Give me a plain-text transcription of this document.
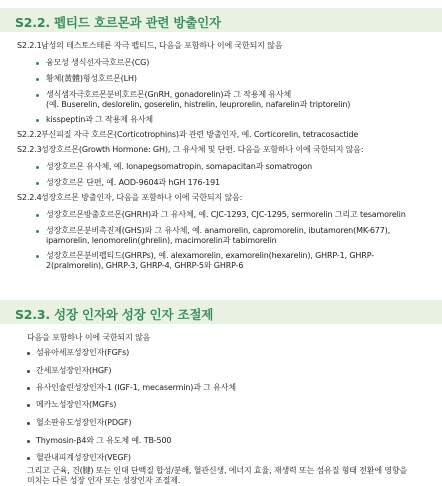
S2.2. 펩티드 호르몬과 관련 방출인자
S2.2.1 남성의 테스토스테론 자극 펩티드, 다음을 포함하나 이에 국한되지 않음
융모성 생식선자극호르몬(CG)
황체(黃體)형성호르몬(LH)
생식샘자극호르몬분비호르몬(GnRH, gonadorelin)과 그 작용제 유사체
(예. Buserelin, deslorelin, goserelin, histrelin, leuprorelin, nafarelin과 triptorelin)
kisspeptin과 그 작용제 유사체
S2.2.2 부신피질 자극 호르몬(Corticotrophins)과 관련 방출인자, 예. Corticorelin, tetracosactide
S2.2.3 성장호르몬(Growth Hormone: GH), 그 유사체 및 단편. 다음을 포함하나 이에 국한되지 않음:
성장호르몬 유사체, 예. lonapegsomatropin, somapacitan과 somatrogon
성장호르몬 단편, 예. AOD-9604과 hGH 176-191
S2.2.4 성장호르몬 방출인자, 다음을 포함하나 이에 국한되지 않음:
성장호르몬방출호르몬(GHRH)과 그 유사체, 예. CJC-1293, CJC-1295, sermorelin 그리고 tesamorelin
성장호르몬분비촉진제(GHS)와 그 유사체, 예. anamorelin, capromorelin, ibutamoren(MK-677),
ipamorelin, lenomorelin(ghrelin), macimorelin과 tabimorelin
성장호르몬분비펩티드(GHRPs), 예. alexamorelin, examorelin(hexarelin), GHRP-1, GHRP-
2(pralmorelin), GHRP-3, GHRP-4, GHRP-5와 GHRP-6
S2.3. 성장 인자와 성장 인자 조절제
다음을 포함하나 이에 국한되지 않음
섬유아세포성장인자(FGFs)
간세포성장인자(HGF)
유사인슐린성장인자-1 (IGF-1, mecasermin)과 그 유사체
메카노성장인자(MGFs)
혈소판유도성장인자(PDGF)
Thymosin-β4와 그 유도체 예. TB-500
혈관내피계성장인자(VEGF)
그리고 근육, 건(腱) 또는 인대 단백질 합성/분해, 혈관신생, 에너지 효율, 재생력 또는 섬유질 형태 전환에 영향을
미치는 다른 성장 인자 또는 성장인자 조절제.
